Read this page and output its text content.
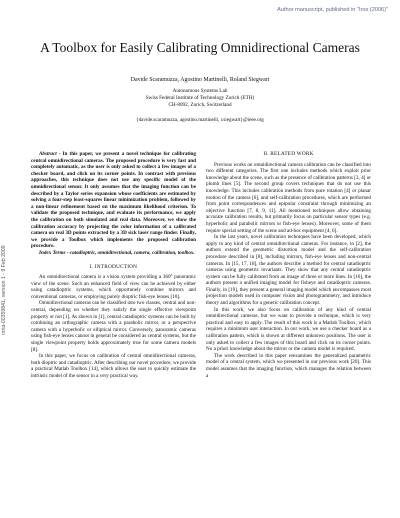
Author manuscript, published in "Iros (2006)"
inria-00359841, version 1 - 9 Feb 2009
A Toolbox for Easily Calibrating Omnidirectional Cameras
Davide Scaramuzza, Agostino Martinelli, Roland Siegwart
Autonomous Systems Lab
Swiss Federal Institute of Technology Zurich (ETH)
CH-8092, Zurich, Switzerland
{davide.scaramuzza, agostino.martinelli, r.siegwart}@ieee.org

Abstract - In this paper, we present a novel technique for calibrating central omnidirectional cameras. The proposed procedure is very fast and completely automatic, as the user is only asked to collect a few images of a checker board, and click on its corner points. In contrast with previous approaches, this technique does not use any specific model of the omnidirectional sensor. It only assumes that the imaging function can be described by a Taylor series expansion whose coefficients are estimated by solving a four-step least-squares linear minimization problem, followed by a non-linear refinement based on the maximum likelihood criterion. To validate the proposed technique, and evaluate its performance, we apply the calibration on both simulated and real data. Moreover, we show the calibration accuracy by projecting the color information of a calibrated camera on real 3D points extracted by a 3D sick laser range finder. Finally, we provide a Toolbox which implements the proposed calibration procedure.

Index Terms - catadioptric, omnidirectional, camera, calibration, toolbox.

I. INTRODUCTION

An omnidirectional camera is a vision system providing a 360° panoramic view of the scene. Such an enhanced field of view can be achieved by either using catadioptric systems, which opportunely combine mirrors and conventional cameras, or employing purely dioptric fish-eye lenses [10].

Omnidirectional cameras can be classified into two classes, central and non-central, depending on whether they satisfy the single effective viewpoint property or not [1]. As shown in [1], central catadioptric systems can be built by combining an orthographic camera with a parabolic mirror, or a perspective camera with a hyperbolic or elliptical mirror. Conversely, panoramic cameras using fish-eye lenses cannot in general be considered as central systems, but the single viewpoint property holds approximately true for some camera models [8].

In this paper, we focus on calibration of central omnidirectional cameras, both dioptric and catadioptric. After describing our novel procedure, we provide a practical Matlab Toolbox [14], which allows the user to quickly estimate the intrinsic model of the sensor in a very practical way.

II. RELATED WORK

Previous works on omnidirectional camera calibration can be classified into two different categories. The first one includes methods which exploit prior knowledge about the scene, such as the presence of calibration patterns [3, 4] or plumb lines [5]. The second group covers techniques that do not use this knowledge. This includes calibration methods from pure rotation [4] or planar motion of the camera [6], and self-calibration procedures, which are performed from point correspondences and epipolar constraint through minimizing an objective function [7, 8, 9, 11]. All mentioned techniques allow obtaining accurate calibration results, but primarily focus on particular sensor types (e.g. hyperbolic and parabolic mirrors or fish-eye lenses). Moreover, some of them require special setting of the scene and ad-hoc equipment [4, 6].

In the last years, novel calibration techniques have been developed, which apply to any kind of central omnidirectional cameras. For instance, in [2], the authors extend the geometric distortion model and the self-calibration procedure described in [8], including mirrors, fish-eye lenses and non-central cameras. In [15, 17, 18], the authors describe a method for central catadioptric cameras using geometric invariants. They show that any central catadioptric system can be fully calibrated from an image of three or more lines. In [16], the authors present a unified imaging model for fisheye and catadioptric cameras. Finally, in [19], they present a general imaging model which encompasses most projection models used in computer vision and photogrammetry, and introduce theory and algorithms for a generic calibration concept.

In this work, we also focus on calibration of any kind of central omnidirectional cameras, but we want to provide a technique, which is very practical and easy to apply. The result of this work is a Matlab Toolbox, which requires a minimum user interaction. In our work, we use a checker board as a calibration pattern, which is shown at different unknown positions. The user is only asked to collect a few images of this board and click on its corner points. No a priori knowledge about the mirror or the camera model is required.

The work described in this paper reexamines the generalized parametric model of a central system, which we presented in our previous work [20]. This model assumes that the imaging function, which manages the relation between a
